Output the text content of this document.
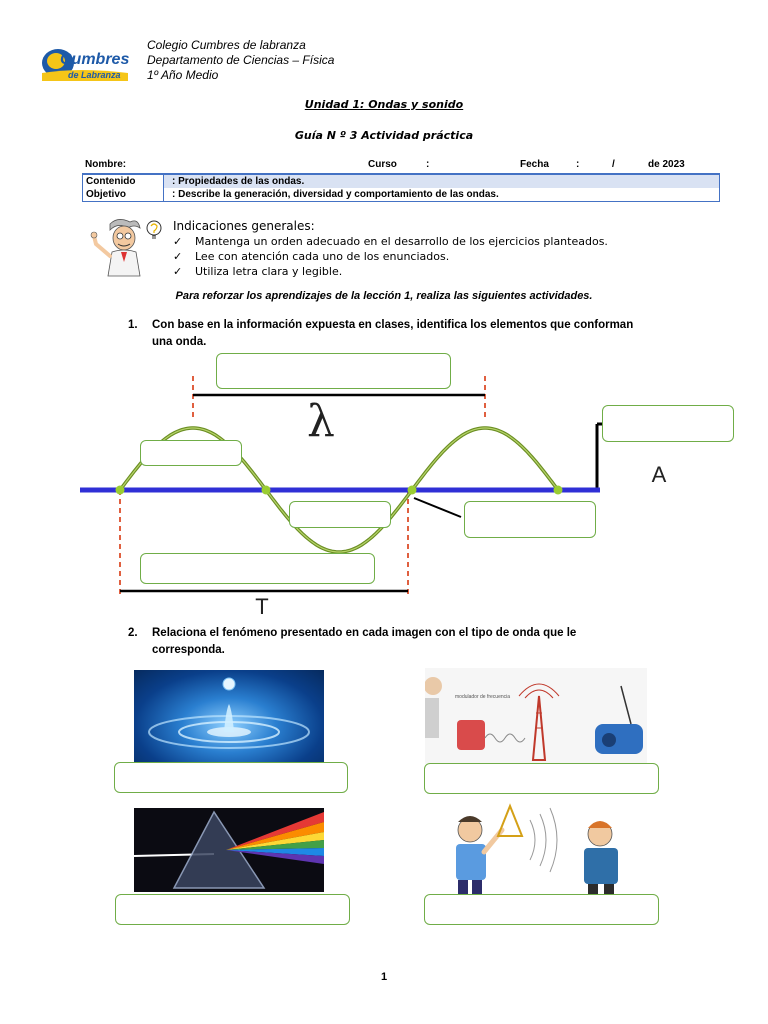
Cumbres
de Labranza
Colegio Cumbres de labranza
Departamento de Ciencias – Física
1º Año Medio
Unidad 1: Ondas y sonido
Guía N º 3 Actividad práctica
Nombre:	Curso	:	Fecha	:	/	de 2023
Contenido	: Propiedades de las ondas.
Objetivo	: Describe la generación, diversidad y comportamiento de las ondas.
Indicaciones generales:
✓	Mantenga un orden adecuado en el desarrollo de los ejercicios planteados.
✓	Lee con atención cada uno de los enunciados.
✓	Utiliza letra clara y legible.
Para reforzar los aprendizajes de la lección 1, realiza las siguientes actividades.
1. Con base en la información expuesta en clases, identifica los elementos que conforman
una onda.
λ
A
T
2. Relaciona el fenómeno presentado en cada imagen con el tipo de onda que le
corresponda.
modulador de frecuencia
1
